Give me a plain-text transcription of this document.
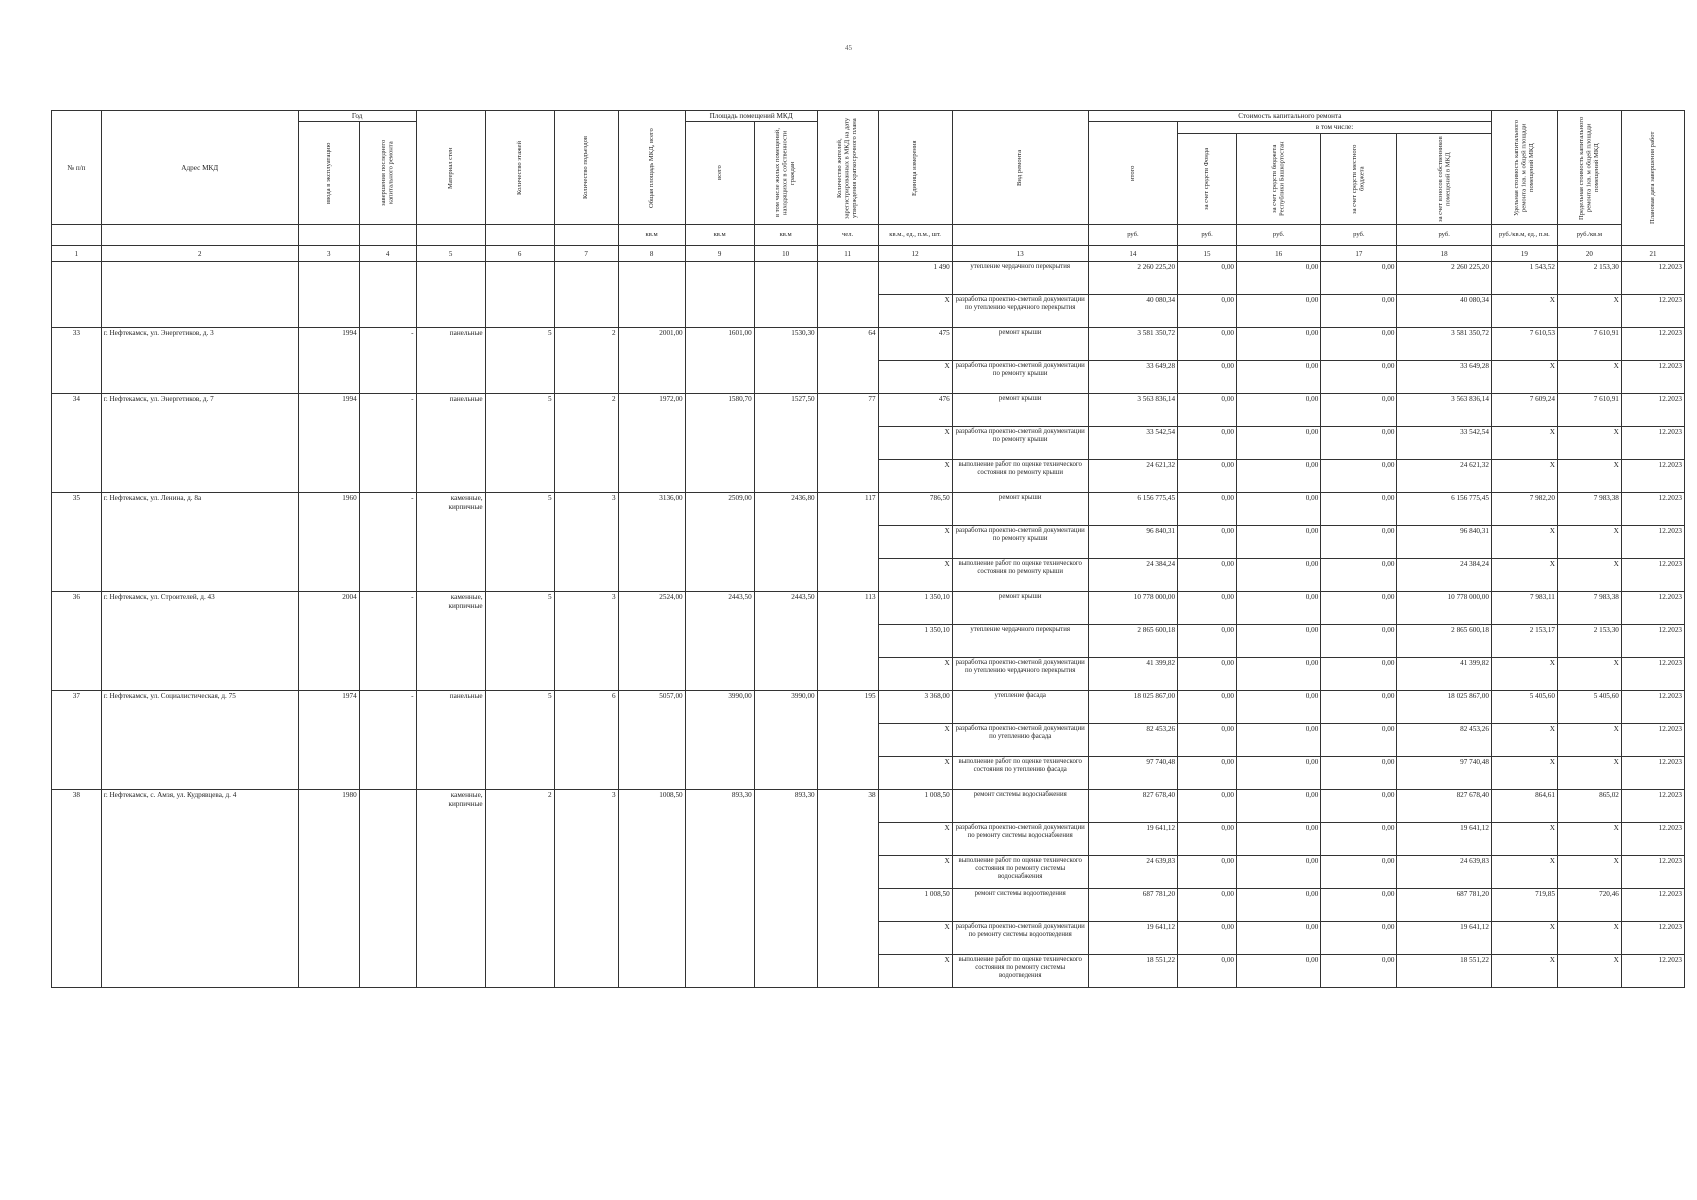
45
№ п/п	Адрес МКД	Год		Материал стен	Количество этажей	Количество подъездов	Общая площадь МКД, всего	Площадь помещений МКД		Количество жителей, зарегистрированных в МКД на дату утверждения краткосрочного плана	Единица измерения	Вид ремонта	Стоимость капитального ремонта					Удельная стоимость капитального ремонта 1кв. м общей площади помещений МКД	Предельная стоимость капитального ремонта 1кв. м общей площади помещений МКД	Плановая дата завершения работ

		ввода в эксплуатацию	завершения последнего капитального ремонта					всего	в том числе жилых помещений, находящихся в собственности граждан				итого	в том числе:						

														за счет средств Фонда	за счет средств бюджета Республики Башкортостан	за счет средств местного бюджета	за счет взносов собственников помещений в МКД			

							кв.м	кв.м	кв.м	чел.	кв.м., ед., п.м., шт.		руб.	руб.	руб.	руб.	руб.	руб./кв.м, ед., п.м.	руб./кв.м	
1	2	3	4	5	6	7	8	9	10	11	12	13	14	15	16	17	18	19	20	21
											1 490	утепление чердачного перекрытия	2 260 225,20	0,00	0,00	0,00	2 260 225,20	1 543,52	2 153,30	12.2023
											X	разработка проектно-сметной документации по утеплению чердачного перекрытия	40 080,34	0,00	0,00	0,00	40 080,34	X	X	12.2023
33	г. Нефтекамск, ул. Энергетиков, д. 3	1994	-	панельные	5	2	2001,00	1601,00	1530,30	64	475	ремонт крыши	3 581 350,72	0,00	0,00	0,00	3 581 350,72	7 610,53	7 610,91	12.2023
											X	разработка проектно-сметной документации по ремонту крыши	33 649,28	0,00	0,00	0,00	33 649,28	X	X	12.2023
34	г. Нефтекамск, ул. Энергетиков, д. 7	1994	-	панельные	5	2	1972,00	1580,70	1527,50	77	476	ремонт крыши	3 563 836,14	0,00	0,00	0,00	3 563 836,14	7 609,24	7 610,91	12.2023
											X	разработка проектно-сметной документации по ремонту крыши	33 542,54	0,00	0,00	0,00	33 542,54	X	X	12.2023
											X	выполнение работ по оценке технического состояния по ремонту крыши	24 621,32	0,00	0,00	0,00	24 621,32	X	X	12.2023
35	г. Нефтекамск, ул. Ленина, д. 8а	1960	-	каменные, кирпичные	5	3	3136,00	2509,00	2436,80	117	786,50	ремонт крыши	6 156 775,45	0,00	0,00	0,00	6 156 775,45	7 982,20	7 983,38	12.2023
											X	разработка проектно-сметной документации по ремонту крыши	96 840,31	0,00	0,00	0,00	96 840,31	X	X	12.2023
											X	выполнение работ по оценке технического состояния по ремонту крыши	24 384,24	0,00	0,00	0,00	24 384,24	X	X	12.2023
36	г. Нефтекамск, ул. Строителей, д. 43	2004	-	каменные, кирпичные	5	3	2524,00	2443,50	2443,50	113	1 350,10	ремонт крыши	10 778 000,00	0,00	0,00	0,00	10 778 000,00	7 983,11	7 983,38	12.2023
											1 350,10	утепление чердачного перекрытия	2 865 600,18	0,00	0,00	0,00	2 865 600,18	2 153,17	2 153,30	12.2023
											X	разработка проектно-сметной документации по утеплению чердачного перекрытия	41 399,82	0,00	0,00	0,00	41 399,82	X	X	12.2023
37	г. Нефтекамск, ул. Социалистическая, д. 75	1974	-	панельные	5	6	5057,00	3990,00	3990,00	195	3 368,00	утепление фасада	18 025 867,00	0,00	0,00	0,00	18 025 867,00	5 405,60	5 405,60	12.2023
											X	разработка проектно-сметной документации по утеплению фасада	82 453,26	0,00	0,00	0,00	82 453,26	X	X	12.2023
											X	выполнение работ по оценке технического состояния по утеплению фасада	97 740,48	0,00	0,00	0,00	97 740,48	X	X	12.2023
38	г. Нефтекамск, с. Амзя, ул. Кудрявцева, д. 4	1980		каменные, кирпичные	2	3	1008,50	893,30	893,30	38	1 008,50	ремонт системы водоснабжения	827 678,40	0,00	0,00	0,00	827 678,40	864,61	865,02	12.2023
											X	разработка проектно-сметной документации по ремонту системы водоснабжения	19 641,12	0,00	0,00	0,00	19 641,12	X	X	12.2023
											X	выполнение работ по оценке технического состояния по ремонту системы водоснабжения	24 639,83	0,00	0,00	0,00	24 639,83	X	X	12.2023
											1 008,50	ремонт системы водоотведения	687 781,20	0,00	0,00	0,00	687 781,20	719,85	720,46	12.2023
											X	разработка проектно-сметной документации по ремонту системы водоотведения	19 641,12	0,00	0,00	0,00	19 641,12	X	X	12.2023
											X	выполнение работ по оценке технического состояния по ремонту системы водоотведения	18 551,22	0,00	0,00	0,00	18 551,22	X	X	12.2023
